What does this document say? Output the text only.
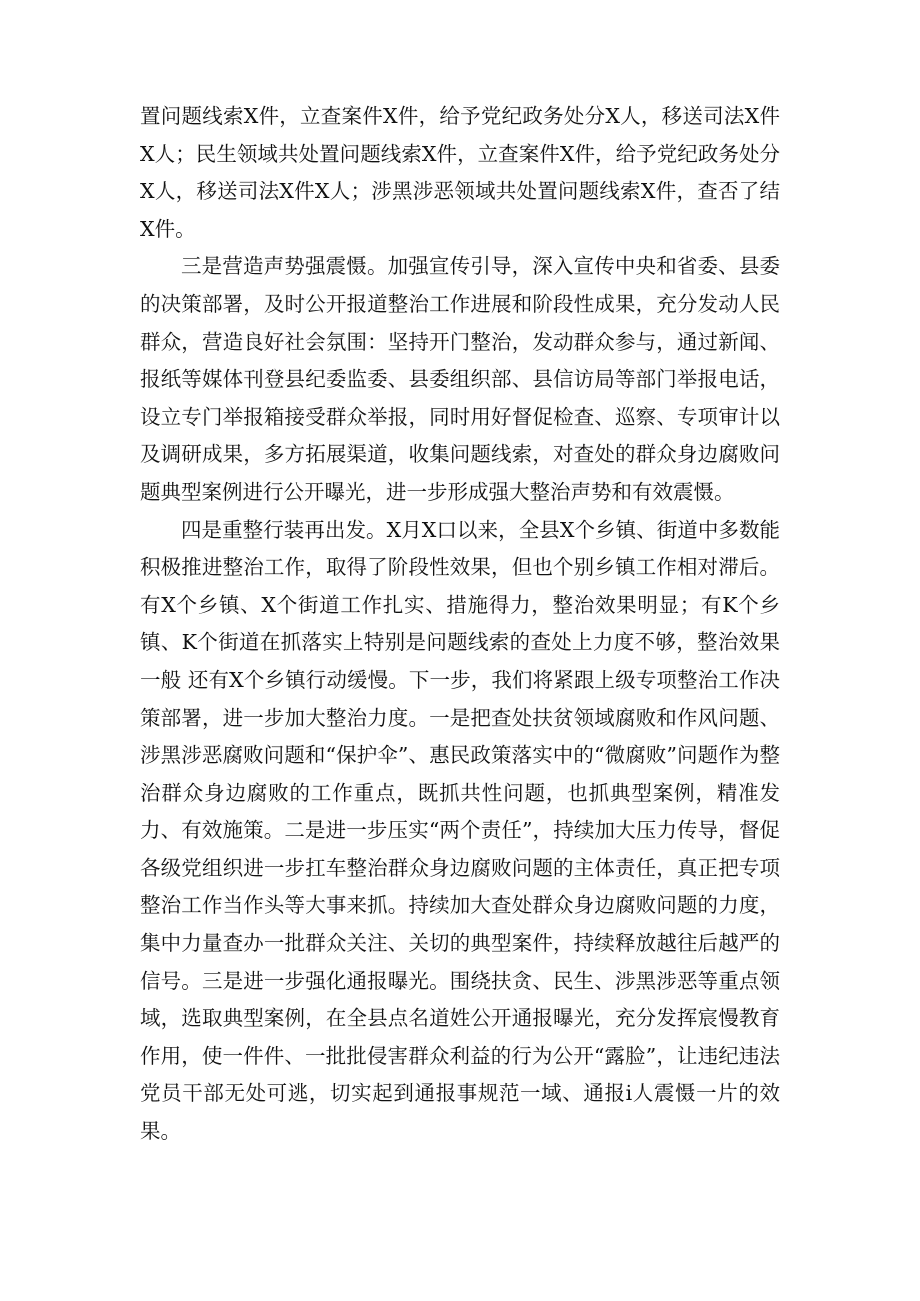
置问题线索X件，立查案件X件，给予党纪政务处分X人，移送司法X件X人；民生领域共处置问题线索X件，立查案件X件，给予党纪政务处分X人，移送司法X件X人；涉黑涉恶领域共处置问题线索X件，查否了结X件。

三是营造声势强震慑。加强宣传引导，深入宣传中央和省委、县委的决策部署，及时公开报道整治工作进展和阶段性成果，充分发动人民群众，营造良好社会氛围：坚持开门整治，发动群众参与，通过新闻、报纸等媒体刊登县纪委监委、县委组织部、县信访局等部门举报电话，设立专门举报箱接受群众举报，同时用好督促检查、巡察、专项审计以及调研成果，多方拓展渠道，收集问题线索，对查处的群众身边腐败问题典型案例进行公开曝光，进一步形成强大整治声势和有效震慑。

四是重整行装再出发。X月X口以来，全县X个乡镇、街道中多数能积极推进整治工作，取得了阶段性效果，但也个别乡镇工作相对滞后。有X个乡镇、X个街道工作扎实、措施得力，整治效果明显；有K个乡镇、K个街道在抓落实上特别是问题线索的查处上力度不够，整治效果一般 还有X个乡镇行动缓慢。下一步，我们将紧跟上级专项整治工作决策部署，进一步加大整治力度。一是把查处扶贫领域腐败和作风问题、涉黑涉恶腐败问题和“保护伞”、惠民政策落实中的“微腐败”问题作为整治群众身边腐败的工作重点，既抓共性问题，也抓典型案例，精准发力、有效施策。二是进一步压实“两个责任”，持续加大压力传导，督促各级党组织进一步扛车整治群众身边腐败问题的主体责任，真正把专项整治工作当作头等大事来抓。持续加大查处群众身边腐败问题的力度，集中力量查办一批群众关注、关切的典型案件，持续释放越往后越严的信号。三是进一步强化通报曝光。围绕扶贪、民生、涉黑涉恶等重点领域，选取典型案例，在全县点名道姓公开通报曝光，充分发挥宸慢教育作用，使一件件、一批批侵害群众利益的行为公开“露脸”，让违纪违法党员干部无处可逃，切实起到通报事规范一域、通报i人震慑一片的效果。
